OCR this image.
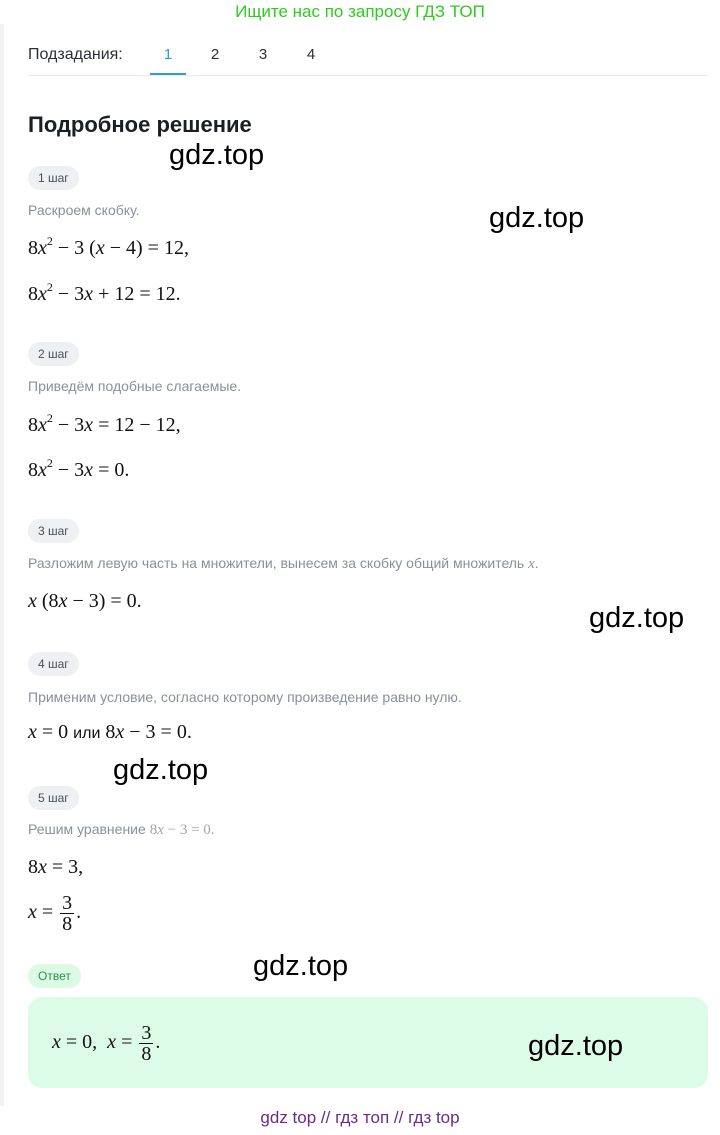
Ищите нас по запросу ГДЗ ТОП
Подзадания:	1	2	3	4
Подробное решение
1 шаг
Раскроем скобку.
$8x^2 - 3$ (x − 4) = 12,
$8x^2 - 3x + 12 = 12$.
2 шаг
Приведём подобные слагаемые.
$8x^2 - 3x = 12 - 12$,
$8x^2 - 3x = 0$.
3 шаг
Разложим левую часть на множители, вынесем за скобку общий множитель x.
x (8x − 3) = 0.
4 шаг
Применим условие, согласно которому произведение равно нулю.
x = 0 или 8x − 3 = 0.
5 шаг
Решим уравнение 8x − 3 = 0.
8x = 3,
$x = \frac{3}{8}$ .
Ответ
x = 0,  $x = \frac{3}{8}$ .
gdz.top
gdz.top
gdz.top
gdz.top
gdz.top
gdz.top
gdz top // гдз топ // гдз top
